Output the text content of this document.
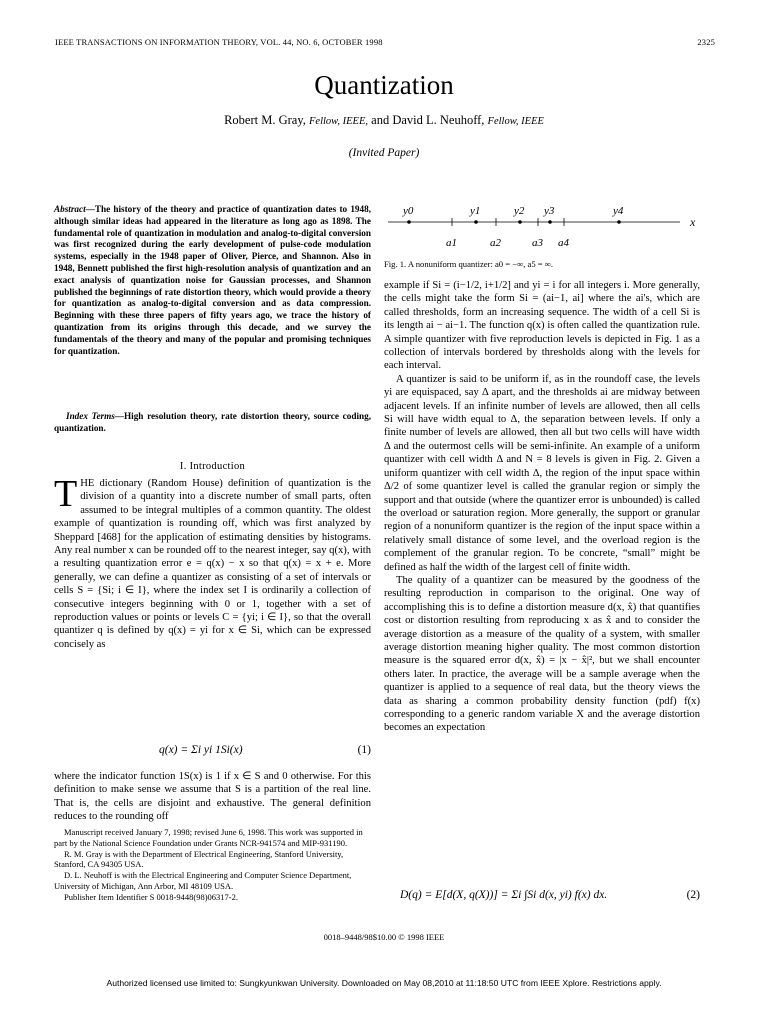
IEEE TRANSACTIONS ON INFORMATION THEORY, VOL. 44, NO. 6, OCTOBER 1998	2325
Quantization
Robert M. Gray, Fellow, IEEE, and David L. Neuhoff, Fellow, IEEE
(Invited Paper)
Abstract—The history of the theory and practice of quantization dates to 1948, although similar ideas had appeared in the literature as long ago as 1898. The fundamental role of quantization in modulation and analog-to-digital conversion was first recognized during the early development of pulse-code modulation systems, especially in the 1948 paper of Oliver, Pierce, and Shannon. Also in 1948, Bennett published the first high-resolution analysis of quantization and an exact analysis of quantization noise for Gaussian processes, and Shannon published the beginnings of rate distortion theory, which would provide a theory for quantization as analog-to-digital conversion and as data compression. Beginning with these three papers of fifty years ago, we trace the history of quantization from its origins through this decade, and we survey the fundamentals of the theory and many of the popular and promising techniques for quantization.
Index Terms—High resolution theory, rate distortion theory, source coding, quantization.
I. Introduction
THE dictionary (Random House) definition of quantization is the division of a quantity into a discrete number of small parts, often assumed to be integral multiples of a common quantity. The oldest example of quantization is rounding off, which was first analyzed by Sheppard [468] for the application of estimating densities by histograms. Any real number x can be rounded off to the nearest integer, say q(x), with a resulting quantization error e = q(x) − x so that q(x) = x + e. More generally, we can define a quantizer as consisting of a set of intervals or cells S = {Si; i ∈ I}, where the index set I is ordinarily a collection of consecutive integers beginning with 0 or 1, together with a set of reproduction values or points or levels C = {yi; i ∈ I}, so that the overall quantizer q is defined by q(x) = yi for x ∈ Si, which can be expressed concisely as
q(x) = Σi yi 1Si(x)	(1)
where the indicator function 1S(x) is 1 if x ∈ S and 0 otherwise. For this definition to make sense we assume that S is a partition of the real line. That is, the cells are disjoint and exhaustive. The general definition reduces to the rounding off

Manuscript received January 7, 1998; revised June 6, 1998. This work was supported in part by the National Science Foundation under Grants NCR-941574 and MIP-931190.

R. M. Gray is with the Department of Electrical Engineering, Stanford University, Stanford, CA 94305 USA.

D. L. Neuhoff is with the Electrical Engineering and Computer Science Department, University of Michigan, Ann Arbor, MI 48109 USA.

Publisher Item Identifier S 0018-9448(98)06317-2.

x
y0	y1	y2 y3	y4
a1	a2	a3 a4
Fig. 1. A nonuniform quantizer: a0 = −∞, a5 = ∞.

example if Si = (i−1/2, i+1/2] and yi = i for all integers i. More generally, the cells might take the form Si = (ai−1, ai] where the ai's, which are called thresholds, form an increasing sequence. The width of a cell Si is its length ai − ai−1. The function q(x) is often called the quantization rule. A simple quantizer with five reproduction levels is depicted in Fig. 1 as a collection of intervals bordered by thresholds along with the levels for each interval.

A quantizer is said to be uniform if, as in the roundoff case, the levels yi are equispaced, say Δ apart, and the thresholds ai are midway between adjacent levels. If an infinite number of levels are allowed, then all cells Si will have width equal to Δ, the separation between levels. If only a finite number of levels are allowed, then all but two cells will have width Δ and the outermost cells will be semi-infinite. An example of a uniform quantizer with cell width Δ and N = 8 levels is given in Fig. 2. Given a uniform quantizer with cell width Δ, the region of the input space within Δ/2 of some quantizer level is called the granular region or simply the support and that outside (where the quantizer error is unbounded) is called the overload or saturation region. More generally, the support or granular region of a nonuniform quantizer is the region of the input space within a relatively small distance of some level, and the overload region is the complement of the granular region. To be concrete, “small” might be defined as half the width of the largest cell of finite width.

The quality of a quantizer can be measured by the goodness of the resulting reproduction in comparison to the original. One way of accomplishing this is to define a distortion measure d(x, x̂) that quantifies cost or distortion resulting from reproducing x as x̂ and to consider the average distortion as a measure of the quality of a system, with smaller average distortion meaning higher quality. The most common distortion measure is the squared error d(x, x̂) = |x − x̂|², but we shall encounter others later. In practice, the average will be a sample average when the quantizer is applied to a sequence of real data, but the theory views the data as sharing a common probability density function (pdf) f(x) corresponding to a generic random variable X and the average distortion becomes an expectation

D(q) = E[d(X, q(X))] = Σi ∫Si d(x, yi) f(x) dx.	(2)
0018–9448/98$10.00 © 1998 IEEE
Authorized licensed use limited to: Sungkyunkwan University. Downloaded on May 08,2010 at 11:18:50 UTC from IEEE Xplore. Restrictions apply.
